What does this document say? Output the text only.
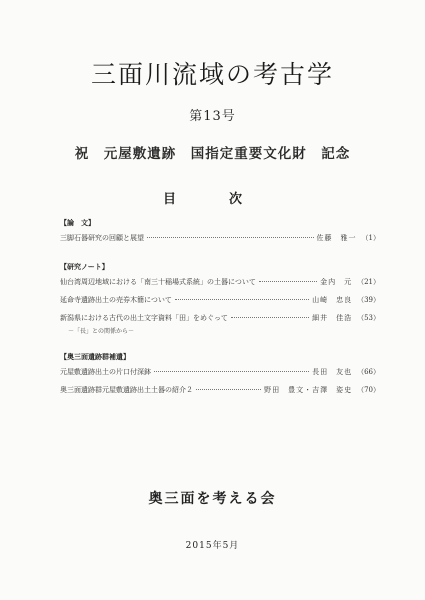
三面川流域の考古学
第13号
祝　元屋敷遺跡　国指定重要文化財　記念
目　次
【論　文】
三脚石器研究の回顧と展望	佐藤　雅一 （1）
【研究ノート】
仙台湾周辺地域における「南三十稲場式系統」の土器について	金内　元 （21）
延命寺遺跡出土の売券木簡について	山崎　忠良 （39）
新潟県における古代の出土文字資料「田」をめぐって	細井　佳浩 （53）
－「長」との関係から－
【奥三面遺跡群補遺】
元屋敷遺跡出土の片口付深鉢	長田　友也 （66）
奥三面遺跡群元屋敷遺跡出土土器の紹介２	野田　豊文・吉澤　姿史 （70）
奥三面を考える会
2015年5月
